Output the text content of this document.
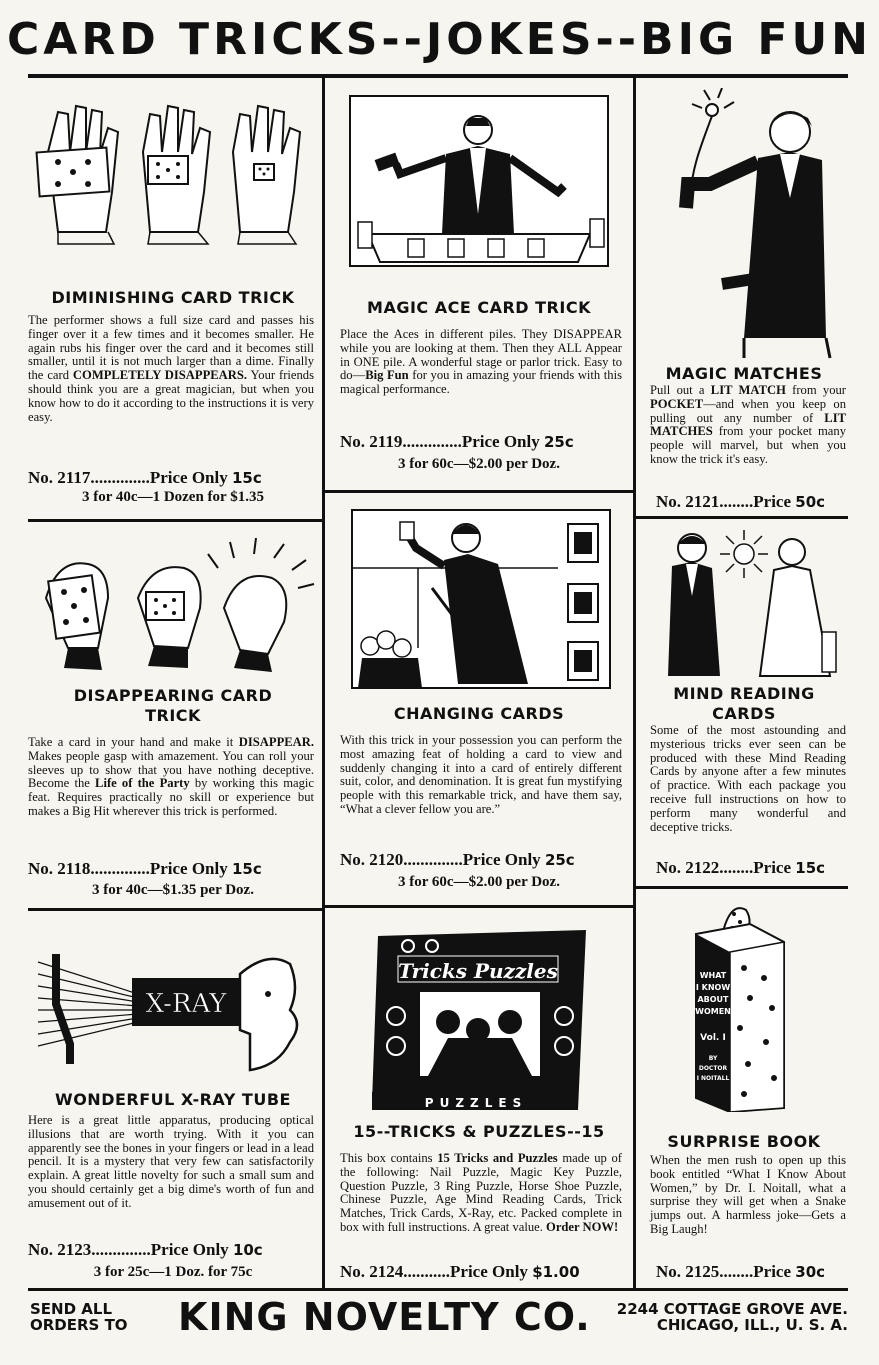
CARD TRICKS--JOKES--BIG FUN
DIMINISHING CARD TRICK
The performer shows a full size card and passes his finger over it a few times and it becomes smaller. He again rubs his finger over the card and it becomes still smaller, until it is not much larger than a dime. Finally the card COMPLETELY DISAPPEARS. Your friends should think you are a great magician, but when you know how to do it according to the instructions it is very easy.
No. 2117..............Price Only 15c
3 for 40c—1 Dozen for $1.35
MAGIC ACE CARD TRICK
Place the Aces in different piles. They DISAPPEAR while you are looking at them. Then they ALL Appear in ONE pile. A wonderful stage or parlor trick. Easy to do—Big Fun for you in amazing your friends with this magical performance.
No. 2119..............Price Only 25c
3 for 60c—$2.00 per Doz.
MAGIC MATCHES
Pull out a LIT MATCH from your POCKET—and when you keep on pulling out any number of LIT MATCHES from your pocket many people will marvel, but when you know the trick it's easy.
No. 2121........Price 50c
DISAPPEARING CARD TRICK
Take a card in your hand and make it DISAPPEAR. Makes people gasp with amazement. You can roll your sleeves up to show that you have nothing deceptive. Become the Life of the Party by working this magic feat. Requires practically no skill or experience but makes a Big Hit wherever this trick is performed.
No. 2118..............Price Only 15c
3 for 40c—$1.35 per Doz.
CHANGING CARDS
With this trick in your possession you can perform the most amazing feat of holding a card to view and suddenly changing it into a card of entirely different suit, color, and denomination. It is great fun mystifying people with this remarkable trick, and have them say, “What a clever fellow you are.”
No. 2120..............Price Only 25c
3 for 60c—$2.00 per Doz.
MIND READING CARDS
Some of the most astounding and mysterious tricks ever seen can be produced with these Mind Reading Cards by anyone after a few minutes of practice. With each package you receive full instructions on how to perform many wonderful and deceptive tricks.
No. 2122........Price 15c
X-RAY
WONDERFUL X-RAY TUBE
Here is a great little apparatus, producing optical illusions that are worth trying. With it you can apparently see the bones in your fingers or lead in a lead pencil. It is a mystery that very few can satisfactorily explain. A great little novelty for such a small sum and you should certainly get a big dime's worth of fun and amusement out of it.
No. 2123..............Price Only 10c
3 for 25c—1 Doz. for 75c
Tricks Puzzles
PUZZLES
15--TRICKS & PUZZLES--15
This box contains 15 Tricks and Puzzles made up of the following: Nail Puzzle, Magic Key Puzzle, Question Puzzle, 3 Ring Puzzle, Horse Shoe Puzzle, Chinese Puzzle, Age Mind Reading Cards, Trick Matches, Trick Cards, X-Ray, etc. Packed complete in box with full instructions. A great value. Order NOW!
No. 2124...........Price Only $1.00
WHAT
I KNOW
ABOUT
WOMEN
Vol. I
BY
DOCTOR
I NOITALL
SURPRISE BOOK
When the men rush to open up this book entitled “What I Know About Women,” by Dr. I. Noitall, what a surprise they will get when a Snake jumps out. A harmless joke—Gets a Big Laugh!
No. 2125........Price 30c
SEND ALL
ORDERS TO KING NOVELTY CO. 2244 COTTAGE GROVE AVE.
CHICAGO, ILL., U. S. A.
